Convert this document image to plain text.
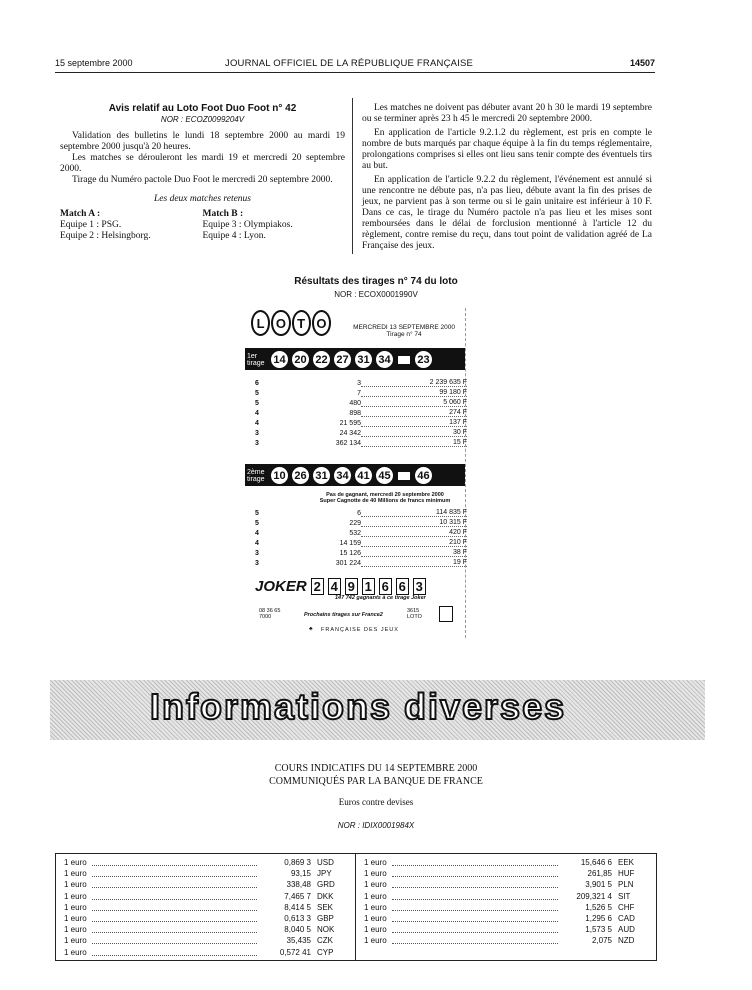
15 septembre 2000	JOURNAL OFFICIEL DE LA RÉPUBLIQUE FRANÇAISE	14507
Avis relatif au Loto Foot Duo Foot n° 42
NOR : ECOZ0099204V

Validation des bulletins le lundi 18 septembre 2000 au mardi 19 septembre 2000 jusqu'à 20 heures.

Les matches se dérouleront les mardi 19 et mercredi 20 septembre 2000.

Tirage du Numéro pactole Duo Foot le mercredi 20 septembre 2000.

Les deux matches retenus
Match A :	Match B :
Equipe 1 : PSG.	Equipe 3 : Olympiakos.
Equipe 2 : Helsingborg.	Equipe 4 : Lyon.

Les matches ne doivent pas débuter avant 20 h 30 le mardi 19 septembre ou se terminer après 23 h 45 le mercredi 20 septembre 2000.

En application de l'article 9.2.1.2 du règlement, est pris en compte le nombre de buts marqués par chaque équipe à la fin du temps réglementaire, prolongations comprises si elles ont lieu sans tenir compte des éventuels tirs au but.

En application de l'article 9.2.2 du règlement, l'événement est annulé si une rencontre ne débute pas, n'a pas lieu, débute avant la fin des prises de jeux, ne parvient pas à son terme ou si le gain unitaire est inférieur à 10 F. Dans ce cas, le tirage du Numéro pactole n'a pas lieu et les mises sont remboursées dans le délai de forclusion mentionné à l'article 12 du règlement, contre remise du reçu, dans tout point de validation agréé de La Française des jeux.

Résultats des tirages n° 74 du loto
NOR : ECOX0001990V
L O T O	MERCREDI 13 SEPTEMBRE 2000
Tirage n° 74
1er tirage 14 20 22 27 31 34	23
6	3	2 239 635 F
5	7	99 180 F
5	480	5 060 F
4	898	274 F
4	21 595	137 F
3	24 342	30 F
3	362 134	15 F
2ème tirage 10 26 31 34 41 45	46
Pas de gagnant, mercredi 20 septembre 2000
Super Cagnotte de 40 Millions de francs minimum
5	6	114 835 F
5	229	10 315 F
4	532	420 F
4	14 159	210 F
3	15 126	38 F
3	301 224	19 F
JOKER 2 4 9 1 6 6 3
147 742 gagnants à ce tirage Joker
08 36 65 7000	Prochains tirages sur France2
3615 LOTO
♣ FRANÇAISE DES JEUX
Informations diverses
COURS INDICATIFS DU 14 SEPTEMBRE 2000
COMMUNIQUÉS PAR LA BANQUE DE FRANCE
Euros contre devises
NOR : IDIX0001984X
1 euro	0,869 3 USD
1 euro	93,15 JPY
1 euro	338,48 GRD
1 euro	7,465 7 DKK
1 euro	8,414 5 SEK
1 euro	0,613 3 GBP
1 euro	8,040 5 NOK
1 euro	35,435 CZK
1 euro	0,572 41 CYP
1 euro	15,646 6 EEK
1 euro	261,85 HUF
1 euro	3,901 5 PLN
1 euro	209,321 4 SIT
1 euro	1,526 5 CHF
1 euro	1,295 6 CAD
1 euro	1,573 5 AUD
1 euro	2,075 NZD
